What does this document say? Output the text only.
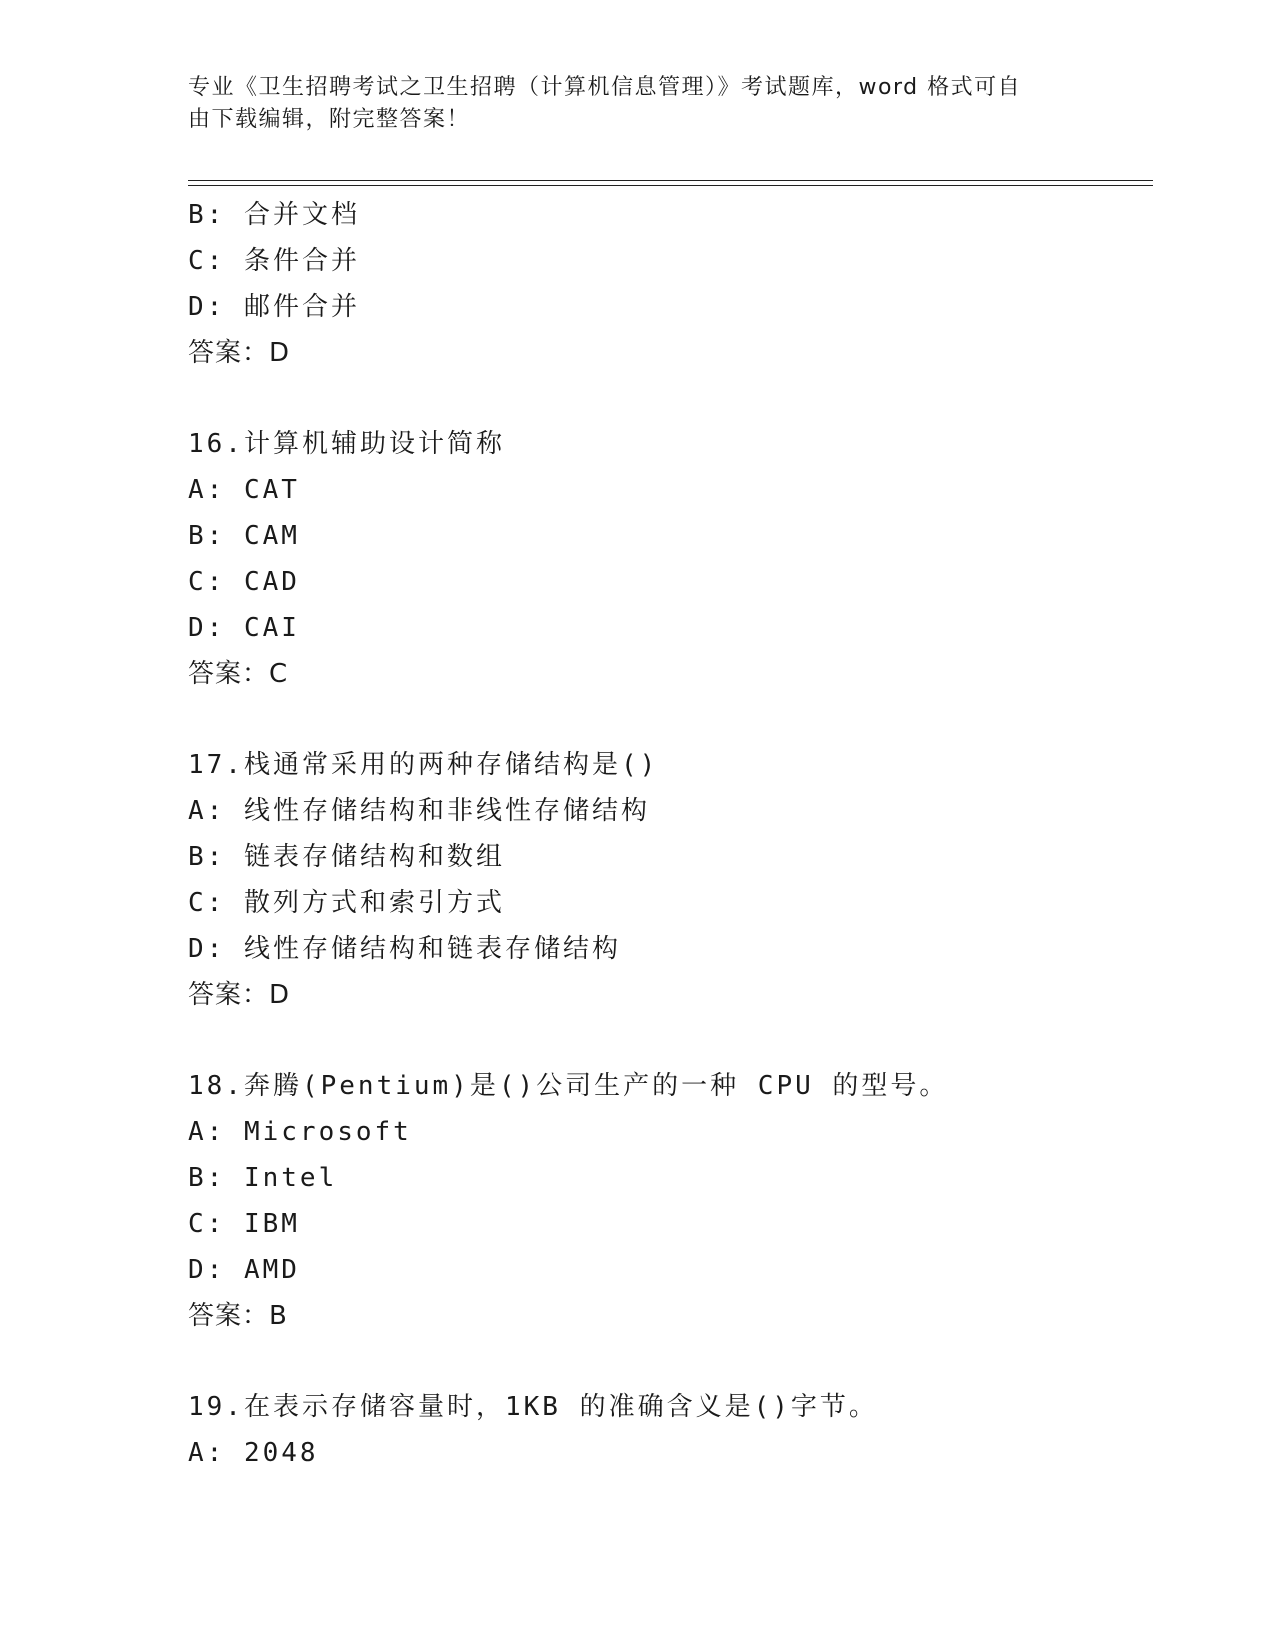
专业《卫生招聘考试之卫生招聘（计算机信息管理）》考试题库，word 格式可自
由下载编辑，附完整答案！
B: 合并文档
C: 条件合并
D: 邮件合并
答案：D
16.计算机辅助设计简称
A: CAT
B: CAM
C: CAD
D: CAI
答案：C
17.栈通常采用的两种存储结构是()
A: 线性存储结构和非线性存储结构
B: 链表存储结构和数组
C: 散列方式和索引方式
D: 线性存储结构和链表存储结构
答案：D
18.奔腾(Pentium)是()公司生产的一种 CPU 的型号。
A: Microsoft
B: Intel
C: IBM
D: AMD
答案：B
19.在表示存储容量时，1KB 的准确含义是()字节。
A: 2048
